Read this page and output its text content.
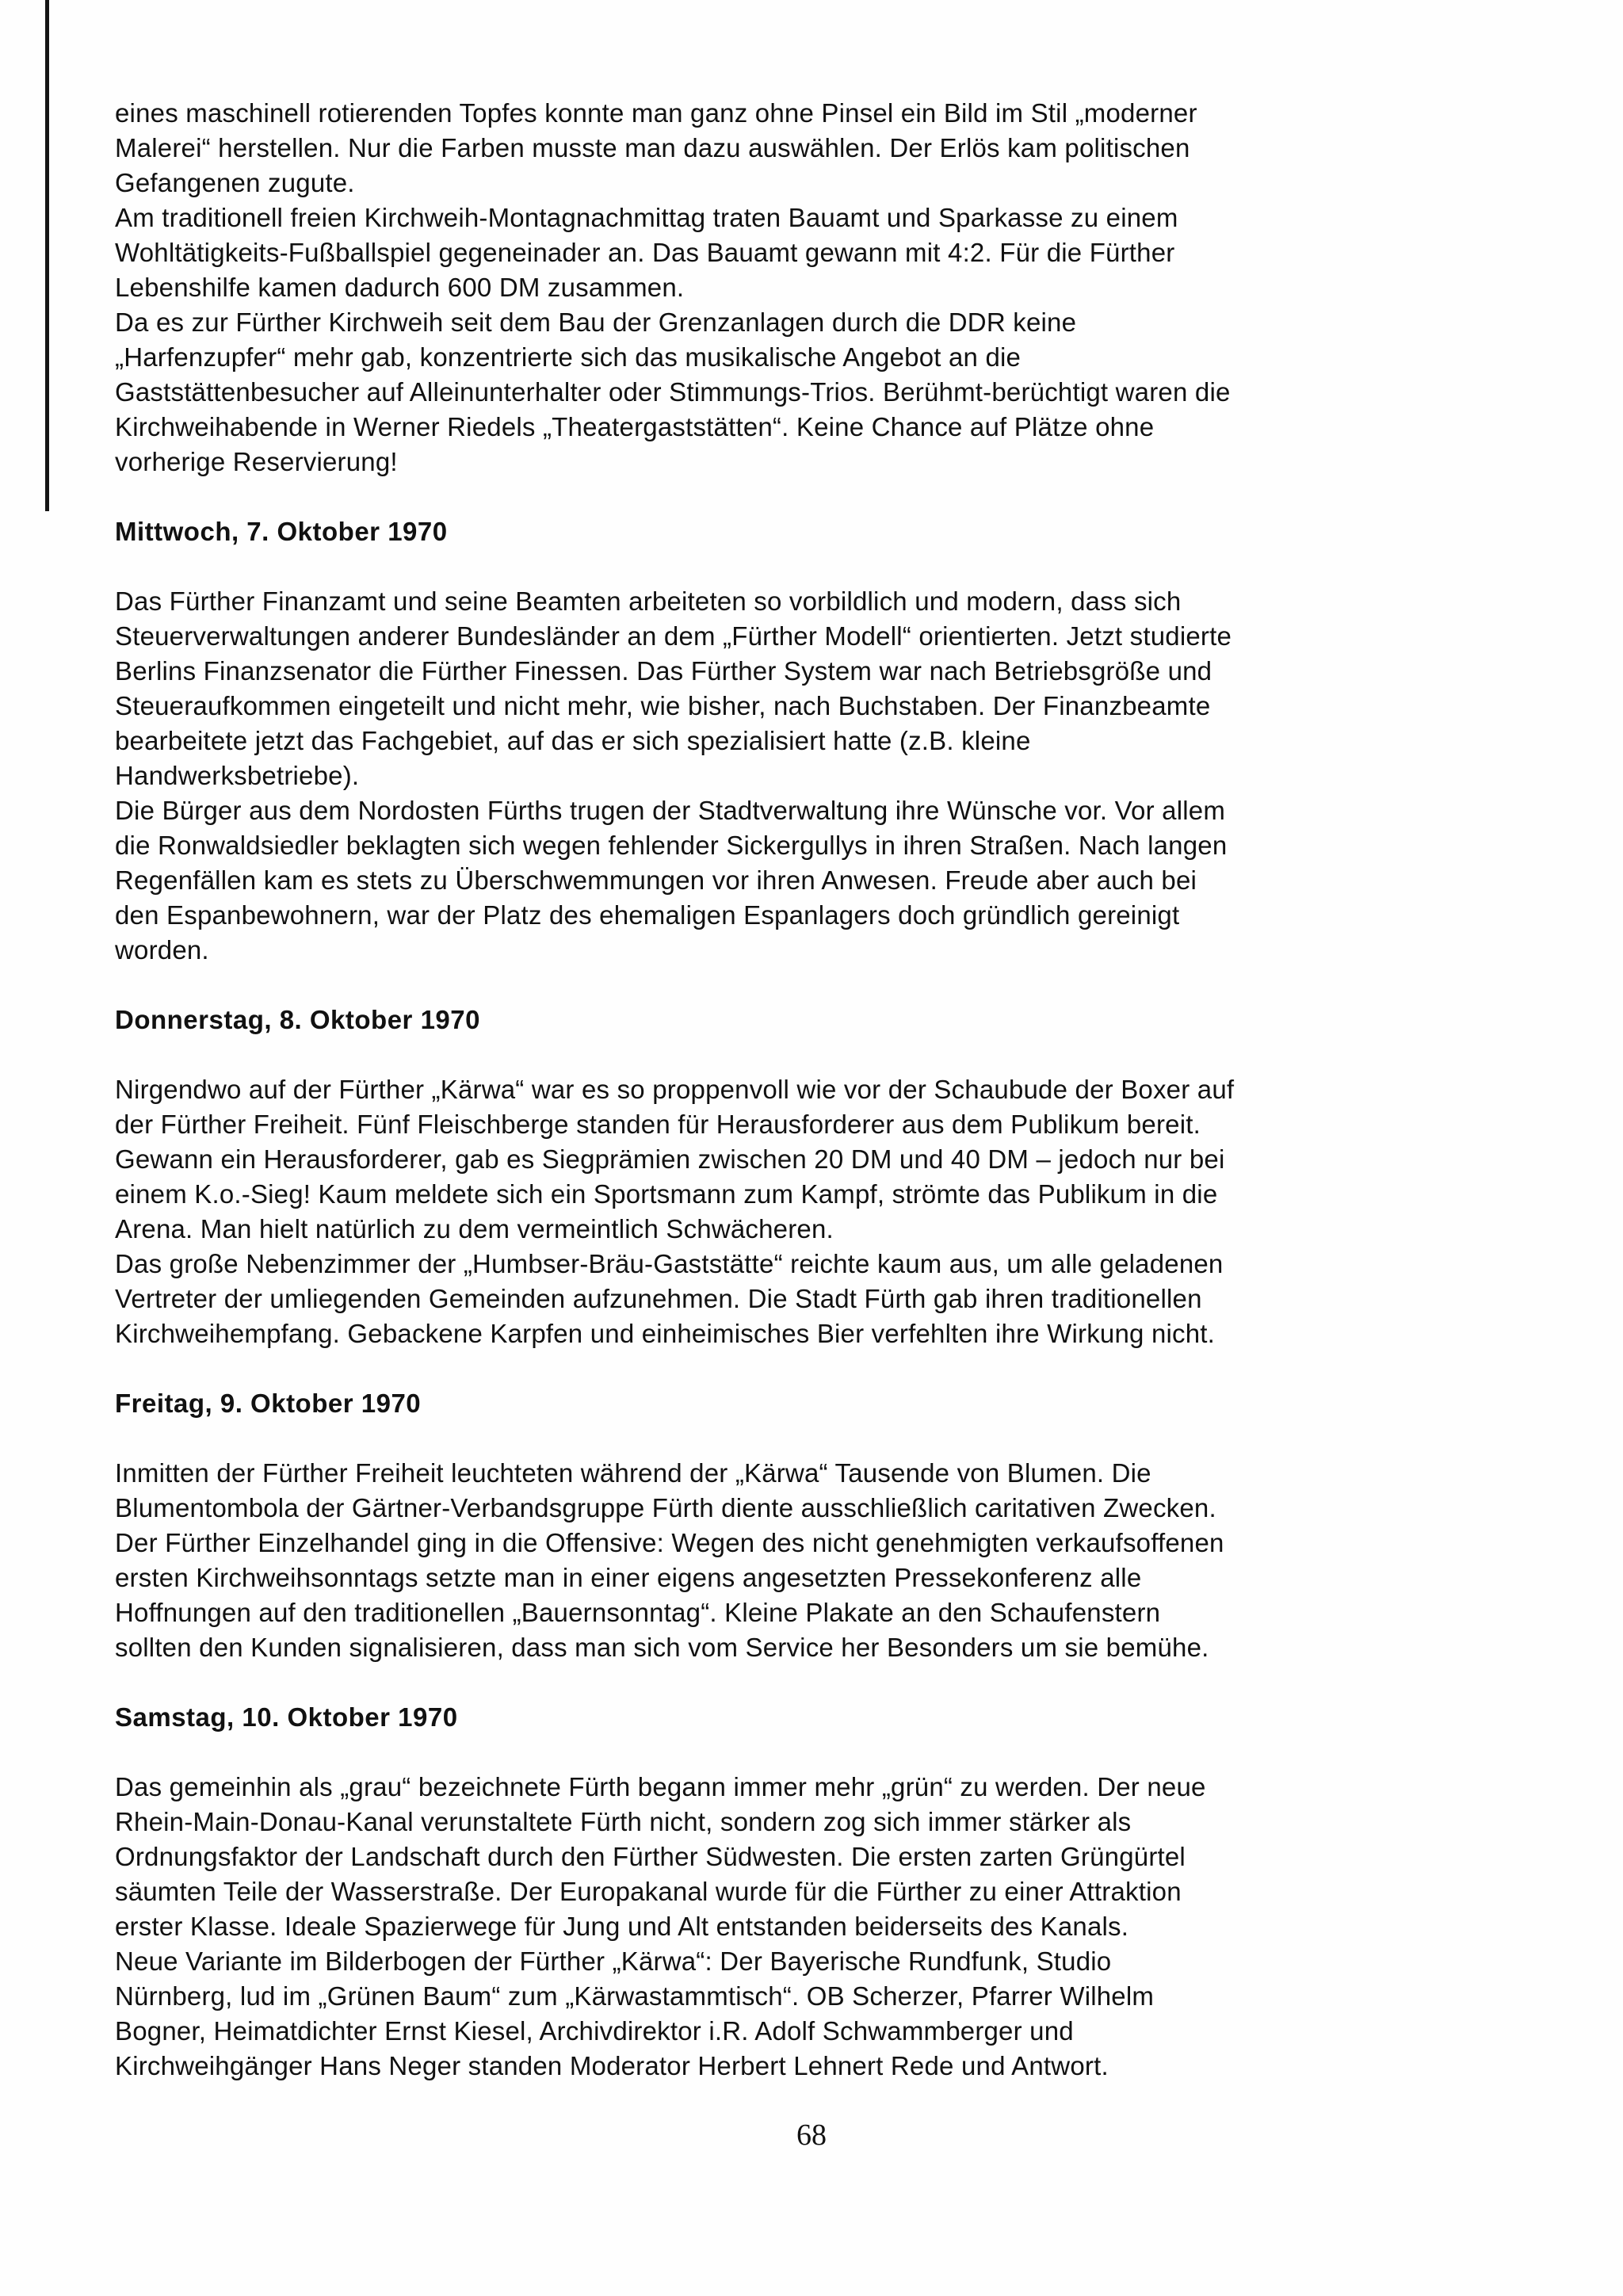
eines maschinell rotierenden Topfes konnte man ganz ohne Pinsel ein Bild im Stil „moderner
Malerei“ herstellen. Nur die Farben musste man dazu auswählen. Der Erlös kam politischen
Gefangenen zugute.
Am traditionell freien Kirchweih-Montagnachmittag traten Bauamt und Sparkasse zu einem
Wohltätigkeits-Fußballspiel gegeneinader an. Das Bauamt gewann mit 4:2. Für die Fürther
Lebenshilfe kamen dadurch 600 DM zusammen.
Da es zur Fürther Kirchweih seit dem Bau der Grenzanlagen durch die DDR keine
„Harfenzupfer“ mehr gab, konzentrierte sich das musikalische Angebot an die
Gaststättenbesucher auf Alleinunterhalter oder Stimmungs-Trios. Berühmt-berüchtigt waren die
Kirchweihabende in Werner Riedels „Theatergaststätten“. Keine Chance auf Plätze ohne
vorherige Reservierung!
Mittwoch, 7. Oktober 1970
Das Fürther Finanzamt und seine Beamten arbeiteten so vorbildlich und modern, dass sich
Steuerverwaltungen anderer Bundesländer an dem „Fürther Modell“ orientierten. Jetzt studierte
Berlins Finanzsenator die Fürther Finessen. Das Fürther System war nach Betriebsgröße und
Steueraufkommen eingeteilt und nicht mehr, wie bisher, nach Buchstaben. Der Finanzbeamte
bearbeitete jetzt das Fachgebiet, auf das er sich spezialisiert hatte (z.B. kleine
Handwerksbetriebe).
Die Bürger aus dem Nordosten Fürths trugen der Stadtverwaltung ihre Wünsche vor. Vor allem
die Ronwaldsiedler beklagten sich wegen fehlender Sickergullys in ihren Straßen. Nach langen
Regenfällen kam es stets zu Überschwemmungen vor ihren Anwesen. Freude aber auch bei
den Espanbewohnern, war der Platz des ehemaligen Espanlagers doch gründlich gereinigt
worden.
Donnerstag, 8. Oktober 1970
Nirgendwo auf der Fürther „Kärwa“ war es so proppenvoll wie vor der Schaubude der Boxer auf
der Fürther Freiheit. Fünf Fleischberge standen für Herausforderer aus dem Publikum bereit.
Gewann ein Herausforderer, gab es Siegprämien zwischen 20 DM und 40 DM – jedoch nur bei
einem K.o.-Sieg! Kaum meldete sich ein Sportsmann zum Kampf, strömte das Publikum in die
Arena. Man hielt natürlich zu dem vermeintlich Schwächeren.
Das große Nebenzimmer der „Humbser-Bräu-Gaststätte“ reichte kaum aus, um alle geladenen
Vertreter der umliegenden Gemeinden aufzunehmen. Die Stadt Fürth gab ihren traditionellen
Kirchweihempfang. Gebackene Karpfen und einheimisches Bier verfehlten ihre Wirkung nicht.
Freitag, 9. Oktober 1970
Inmitten der Fürther Freiheit leuchteten während der „Kärwa“ Tausende von Blumen. Die
Blumentombola der Gärtner-Verbandsgruppe Fürth diente ausschließlich caritativen Zwecken.
Der Fürther Einzelhandel ging in die Offensive: Wegen des nicht genehmigten verkaufsoffenen
ersten Kirchweihsonntags setzte man in einer eigens angesetzten Pressekonferenz alle
Hoffnungen auf den traditionellen „Bauernsonntag“. Kleine Plakate an den Schaufenstern
sollten den Kunden signalisieren, dass man sich vom Service her Besonders um sie bemühe.
Samstag, 10. Oktober 1970
Das gemeinhin als „grau“ bezeichnete Fürth begann immer mehr „grün“ zu werden. Der neue
Rhein-Main-Donau-Kanal verunstaltete Fürth nicht, sondern zog sich immer stärker als
Ordnungsfaktor der Landschaft durch den Fürther Südwesten. Die ersten zarten Grüngürtel
säumten Teile der Wasserstraße. Der Europakanal wurde für die Fürther zu einer Attraktion
erster Klasse. Ideale Spazierwege für Jung und Alt entstanden beiderseits des Kanals.
Neue Variante im Bilderbogen der Fürther „Kärwa“: Der Bayerische Rundfunk, Studio
Nürnberg, lud im „Grünen Baum“ zum „Kärwastammtisch“. OB Scherzer, Pfarrer Wilhelm
Bogner, Heimatdichter Ernst Kiesel, Archivdirektor i.R. Adolf Schwammberger und
Kirchweihgänger Hans Neger standen Moderator Herbert Lehnert Rede und Antwort.
68
